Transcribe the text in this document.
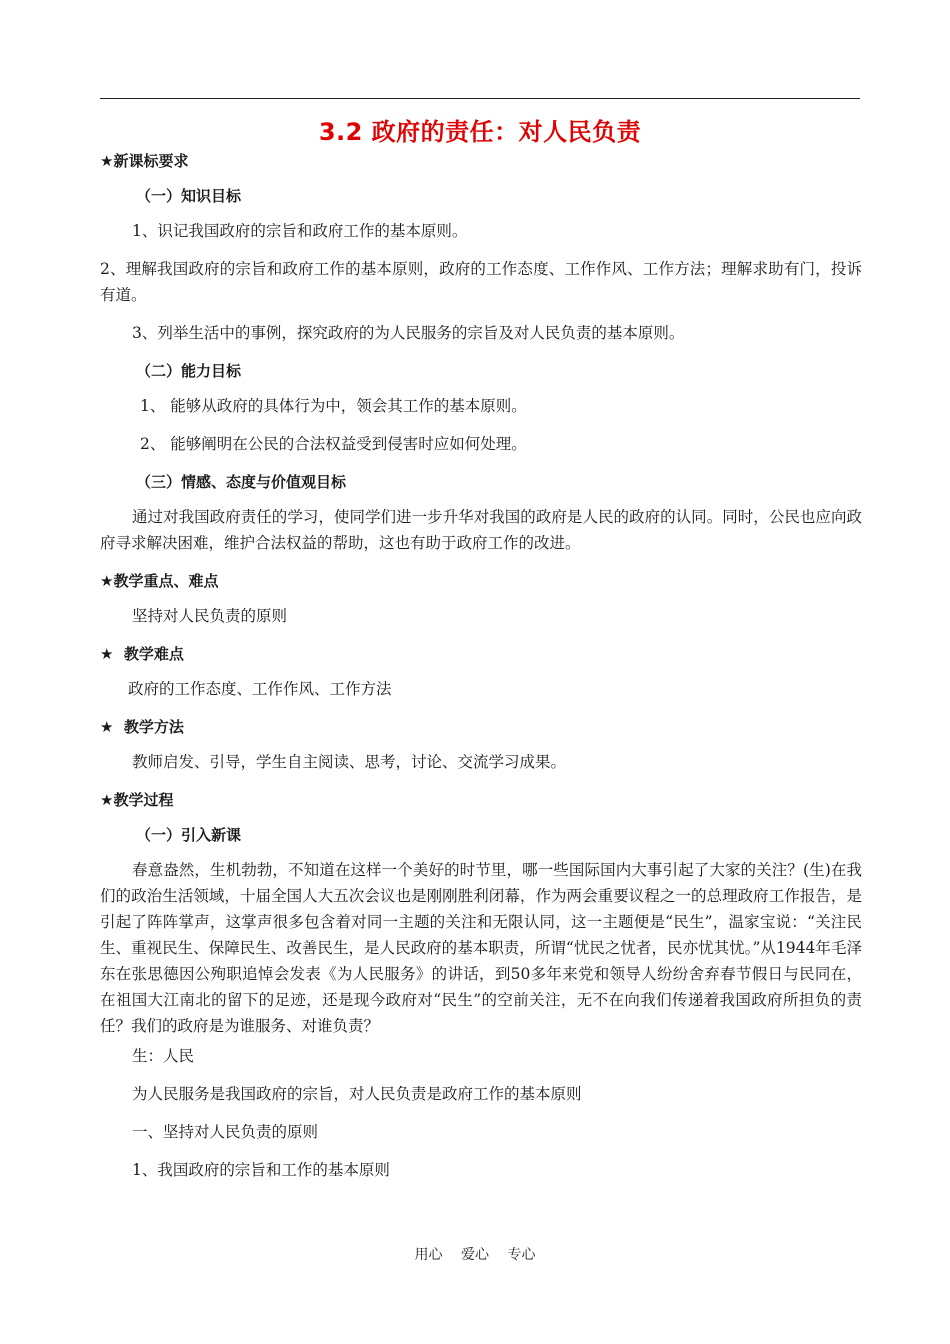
3.2 政府的责任：对人民负责

★新课标要求

（一）知识目标

1、识记我国政府的宗旨和政府工作的基本原则。

2、理解我国政府的宗旨和政府工作的基本原则，政府的工作态度、工作作风、工作方法；理解求助有门，投诉有道。

3、列举生活中的事例，探究政府的为人民服务的宗旨及对人民负责的基本原则。

（二）能力目标

1、 能够从政府的具体行为中，领会其工作的基本原则。

2、 能够阐明在公民的合法权益受到侵害时应如何处理。

（三）情感、态度与价值观目标

通过对我国政府责任的学习，使同学们进一步升华对我国的政府是人民的政府的认同。同时，公民也应向政府寻求解决困难，维护合法权益的帮助，这也有助于政府工作的改进。

★教学重点、难点

坚持对人民负责的原则

★  教学难点

政府的工作态度、工作作风、工作方法

★  教学方法

教师启发、引导，学生自主阅读、思考，讨论、交流学习成果。

★教学过程

（一）引入新课

春意盎然，生机勃勃，不知道在这样一个美好的时节里，哪一些国际国内大事引起了大家的关注？(生)在我们的政治生活领域，十届全国人大五次会议也是刚刚胜利闭幕，作为两会重要议程之一的总理政府工作报告，是引起了阵阵掌声，这掌声很多包含着对同一主题的关注和无限认同，这一主题便是“民生”，温家宝说：“关注民生、重视民生、保障民生、改善民生，是人民政府的基本职责，所谓“忧民之忧者，民亦忧其忧。”从1944年毛泽东在张思德因公殉职追悼会发表《为人民服务》的讲话，到50多年来党和领导人纷纷舍弃春节假日与民同在，在祖国大江南北的留下的足迹，还是现今政府对“民生”的空前关注，无不在向我们传递着我国政府所担负的责任？我们的政府是为谁服务、对谁负责？

生：人民

为人民服务是我国政府的宗旨，对人民负责是政府工作的基本原则

一、坚持对人民负责的原则

1、我国政府的宗旨和工作的基本原则

用心 爱心 专心
